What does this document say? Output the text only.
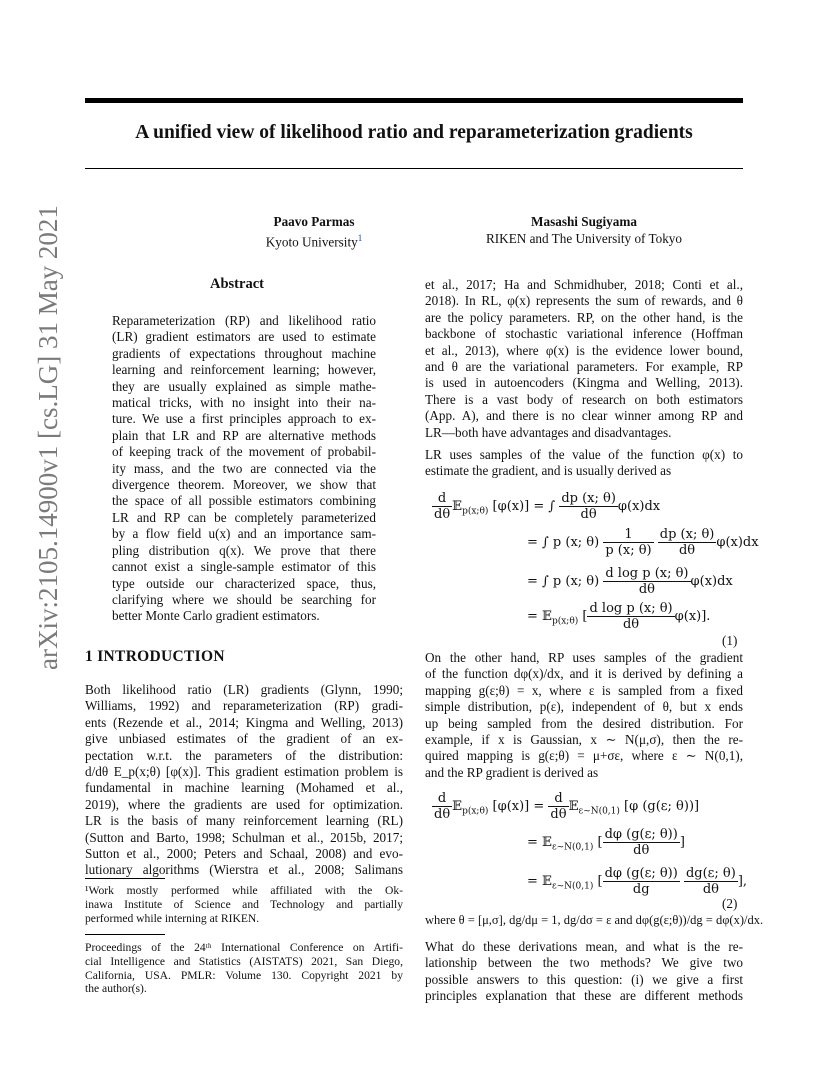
arXiv:2105.14900v1 [cs.LG] 31 May 2021
A unified view of likelihood ratio and reparameterization gradients
Paavo Parmas
Kyoto University$^1$
Masashi Sugiyama
RIKEN and The University of Tokyo
Abstract
Reparameterization (RP) and likelihood ratio
(LR) gradient estimators are used to estimate
gradients of expectations throughout machine
learning and reinforcement learning; however,
they are usually explained as simple mathe-
matical tricks, with no insight into their na-
ture. We use a first principles approach to ex-
plain that LR and RP are alternative methods
of keeping track of the movement of probabil-
ity mass, and the two are connected via the
divergence theorem. Moreover, we show that
the space of all possible estimators combining
LR and RP can be completely parameterized
by a flow field u(x) and an importance sam-
pling distribution q(x). We prove that there
cannot exist a single-sample estimator of this
type outside our characterized space, thus,
clarifying where we should be searching for
better Monte Carlo gradient estimators.
1 INTRODUCTION
Both likelihood ratio (LR) gradients (Glynn, 1990;
Williams, 1992) and reparameterization (RP) gradi-
ents (Rezende et al., 2014; Kingma and Welling, 2013)
give unbiased estimates of the gradient of an ex-
pectation w.r.t. the parameters of the distribution:
d/dθ E_p(x;θ) [φ(x)]. This gradient estimation problem is
fundamental in machine learning (Mohamed et al.,
2019), where the gradients are used for optimization.
LR is the basis of many reinforcement learning (RL)
(Sutton and Barto, 1998; Schulman et al., 2015b, 2017;
Sutton et al., 2000; Peters and Schaal, 2008) and evo-
lutionary algorithms (Wierstra et al., 2008; Salimans
¹Work mostly performed while affiliated with the Ok-
inawa Institute of Science and Technology and partially
performed while interning at RIKEN.
Proceedings of the 24ᵗʰ International Conference on Artifi-
cial Intelligence and Statistics (AISTATS) 2021, San Diego,
California, USA. PMLR: Volume 130. Copyright 2021 by
the author(s).
et al., 2017; Ha and Schmidhuber, 2018; Conti et al.,
2018). In RL, φ(x) represents the sum of rewards, and θ
are the policy parameters. RP, on the other hand, is the
backbone of stochastic variational inference (Hoffman
et al., 2013), where φ(x) is the evidence lower bound,
and θ are the variational parameters. For example, RP
is used in autoencoders (Kingma and Welling, 2013).
There is a vast body of research on both estimators
(App. A), and there is no clear winner among RP and
LR—both have advantages and disadvantages.
LR uses samples of the value of the function φ(x) to
estimate the gradient, and is usually derived as
$\frac{d}{d\theta}$ 𝔼$_{p(x;\theta)}$ [φ(x)] = ∫ $\frac{dp (x; \theta)}{d\theta} \varphi(x)dx$
= ∫ p (x; $\theta) \frac{1}{p (x; \theta)}$
$\frac{dp (x; \theta)}{d\theta} \varphi(x)dx$
= ∫ p (x; $\theta) \frac{\text{d log p (x; θ)}}{d\theta} \varphi(x)dx$
= 𝔼$_{p(x;\theta)}$ [ $\frac{\text{d log p (x; θ)}}{d\theta} \varphi(x)$].
(1)
On the other hand, RP uses samples of the gradient
of the function dφ(x)/dx, and it is derived by defining a
mapping g(ε;θ) = x, where ε is sampled from a fixed
simple distribution, p(ε), independent of θ, but x ends
up being sampled from the desired distribution. For
example, if x is Gaussian, x ∼ N(μ,σ), then the re-
quired mapping is g(ε;θ) = μ+σε, where ε ∼ N(0,1),
and the RP gradient is derived as
$\frac{d}{d\theta}$ 𝔼$_{p(x;\theta)}$ $[\varphi(x)] = \frac{d}{d\theta}$ 𝔼$_{\varepsilon\sim N(0,1)}$ [φ (g(ε; θ))]
= 𝔼$_{\varepsilon\sim N(0,1)}$ [ $\frac{d\varphi (g(\varepsilon; \theta))}{d\theta}$ ]
= 𝔼$_{\varepsilon\sim N(0,1)}$ [ $\frac{d\varphi (g(\varepsilon; \theta))}{dg}$
$\frac{dg(\varepsilon; \theta)}{d\theta}$ ],
(2)
where θ = [μ,σ], dg/dμ = 1, dg/dσ = ε and dφ(g(ε;θ))/dg = dφ(x)/dx.
What do these derivations mean, and what is the re-
lationship between the two methods? We give two
possible answers to this question: (i) we give a first
principles explanation that these are different methods
